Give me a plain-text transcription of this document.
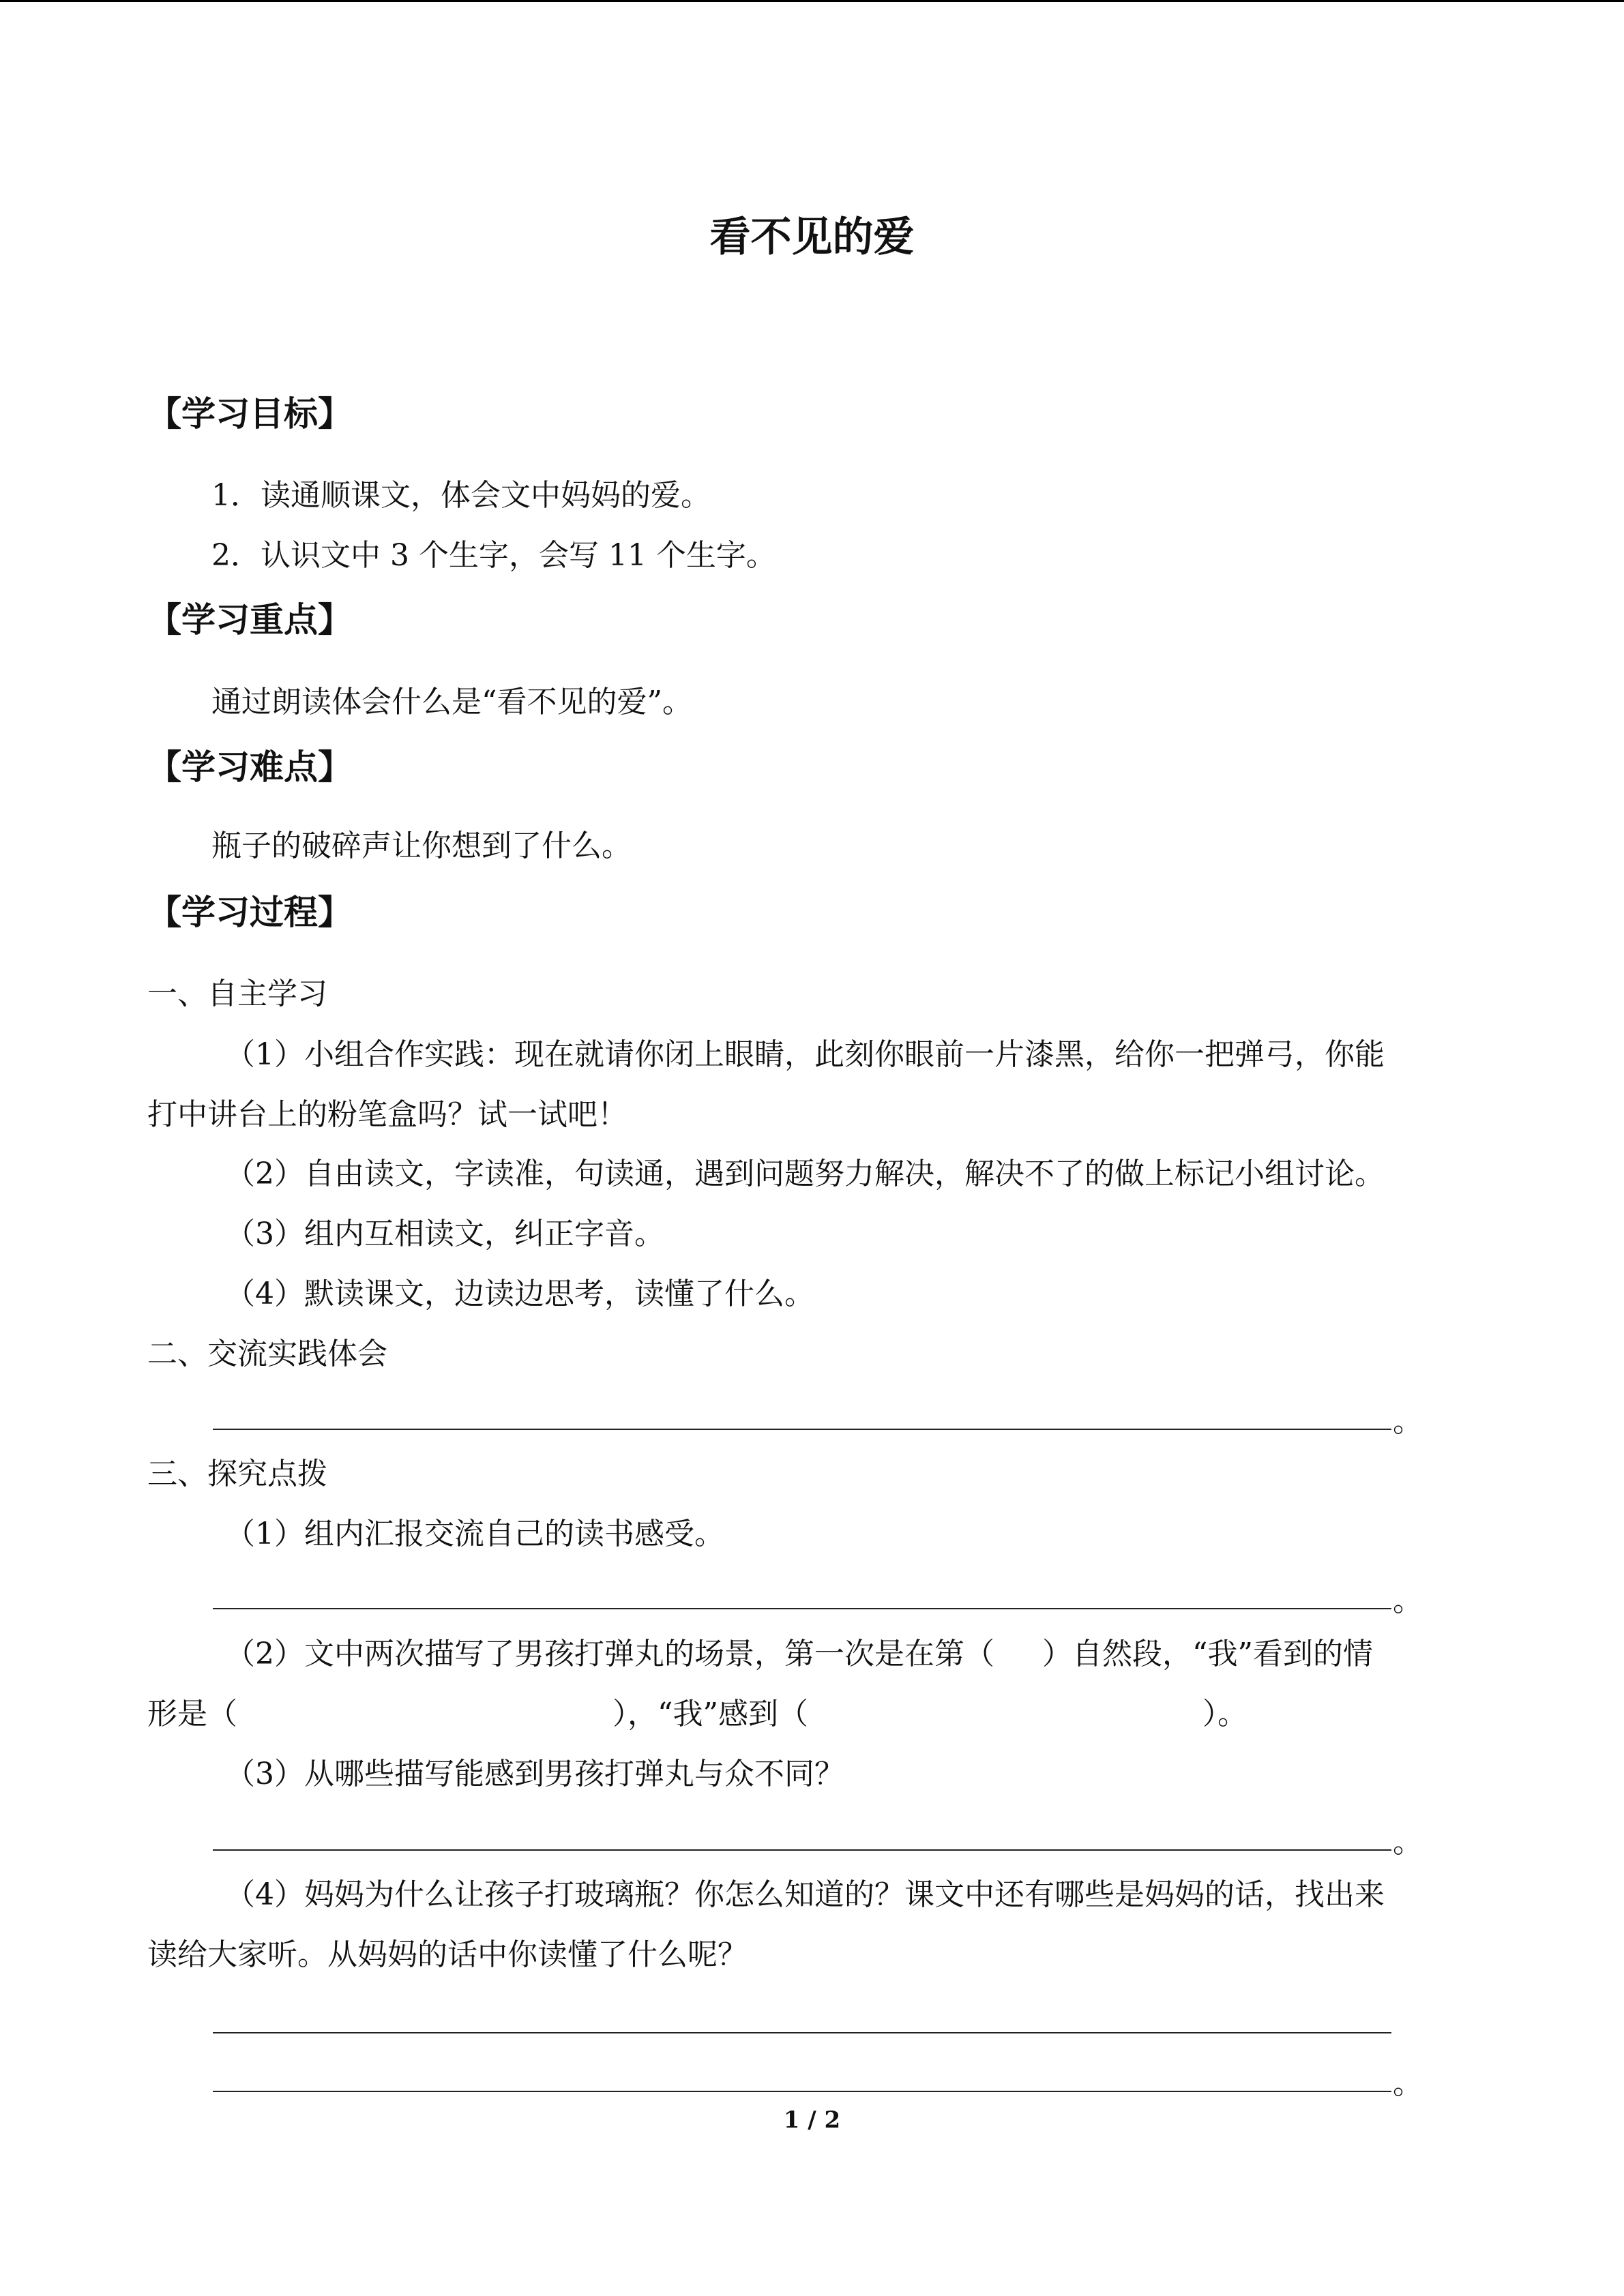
看不见的爱
【学习目标】
1．读通顺课文，体会文中妈妈的爱。
2．认识文中 3 个生字，会写 11 个生字。
【学习重点】
通过朗读体会什么是“看不见的爱”。
【学习难点】
瓶子的破碎声让你想到了什么。
【学习过程】
一、自主学习
（1）小组合作实践：现在就请你闭上眼睛，此刻你眼前一片漆黑，给你一把弹弓，你能
打中讲台上的粉笔盒吗？试一试吧！
（2）自由读文，字读准，句读通，遇到问题努力解决，解决不了的做上标记小组讨论。
（3）组内互相读文，纠正字音。
（4）默读课文，边读边思考，读懂了什么。
二、交流实践体会
。
三、探究点拨
（1）组内汇报交流自己的读书感受。
。
（2）文中两次描写了男孩打弹丸的场景，第一次是在第（ ）自然段，“我”看到的情
形是（	），“我”感到（	）。
（3）从哪些描写能感到男孩打弹丸与众不同？
。
（4）妈妈为什么让孩子打玻璃瓶？你怎么知道的？课文中还有哪些是妈妈的话，找出来
读给大家听。从妈妈的话中你读懂了什么呢？
。
1 / 2
